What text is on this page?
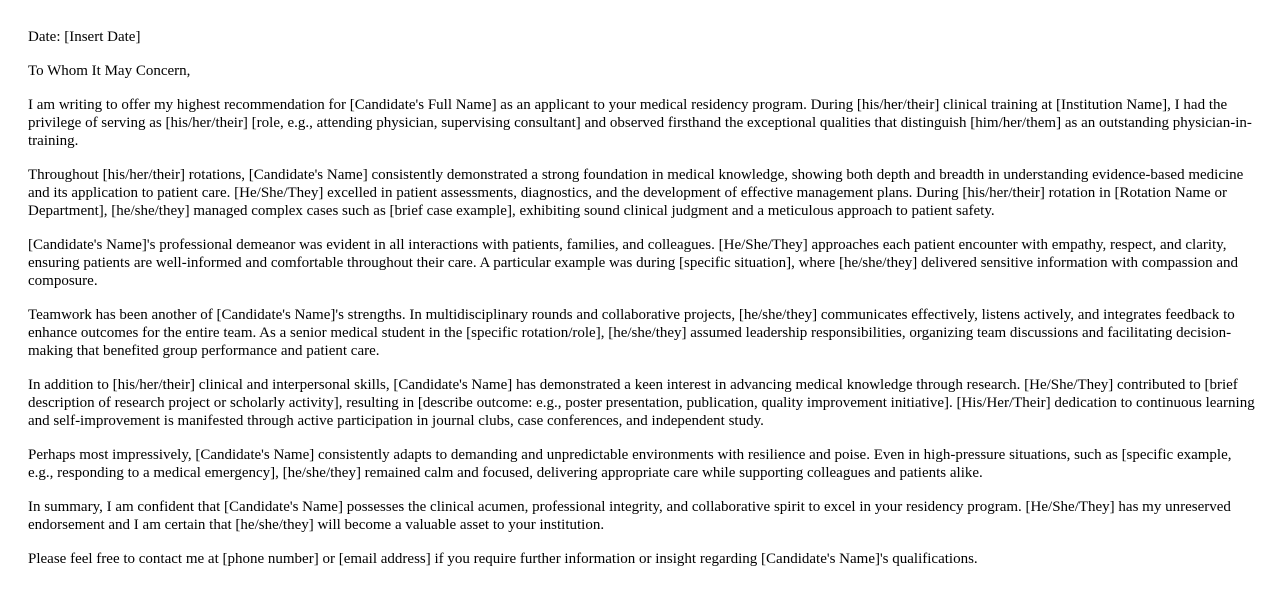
Date: [Insert Date]

To Whom It May Concern,

I am writing to offer my highest recommendation for [Candidate's Full Name] as an applicant to your medical residency program. During [his/her/their] clinical training at [Institution Name], I had the privilege of serving as [his/her/their] [role, e.g., attending physician, supervising consultant] and observed firsthand the exceptional qualities that distinguish [him/her/them] as an outstanding physician-in-training.

Throughout [his/her/their] rotations, [Candidate's Name] consistently demonstrated a strong foundation in medical knowledge, showing both depth and breadth in understanding evidence-based medicine and its application to patient care. [He/She/They] excelled in patient assessments, diagnostics, and the development of effective management plans. During [his/her/their] rotation in [Rotation Name or Department], [he/she/they] managed complex cases such as [brief case example], exhibiting sound clinical judgment and a meticulous approach to patient safety.

[Candidate's Name]'s professional demeanor was evident in all interactions with patients, families, and colleagues. [He/She/They] approaches each patient encounter with empathy, respect, and clarity, ensuring patients are well-informed and comfortable throughout their care. A particular example was during [specific situation], where [he/she/they] delivered sensitive information with compassion and composure.

Teamwork has been another of [Candidate's Name]'s strengths. In multidisciplinary rounds and collaborative projects, [he/she/they] communicates effectively, listens actively, and integrates feedback to enhance outcomes for the entire team. As a senior medical student in the [specific rotation/role], [he/she/they] assumed leadership responsibilities, organizing team discussions and facilitating decision-making that benefited group performance and patient care.

In addition to [his/her/their] clinical and interpersonal skills, [Candidate's Name] has demonstrated a keen interest in advancing medical knowledge through research. [He/She/They] contributed to [brief description of research project or scholarly activity], resulting in [describe outcome: e.g., poster presentation, publication, quality improvement initiative]. [His/Her/Their] dedication to continuous learning and self-improvement is manifested through active participation in journal clubs, case conferences, and independent study.

Perhaps most impressively, [Candidate's Name] consistently adapts to demanding and unpredictable environments with resilience and poise. Even in high-pressure situations, such as [specific example, e.g., responding to a medical emergency], [he/she/they] remained calm and focused, delivering appropriate care while supporting colleagues and patients alike.

In summary, I am confident that [Candidate's Name] possesses the clinical acumen, professional integrity, and collaborative spirit to excel in your residency program. [He/She/They] has my unreserved endorsement and I am certain that [he/she/they] will become a valuable asset to your institution.

Please feel free to contact me at [phone number] or [email address] if you require further information or insight regarding [Candidate's Name]'s qualifications.
